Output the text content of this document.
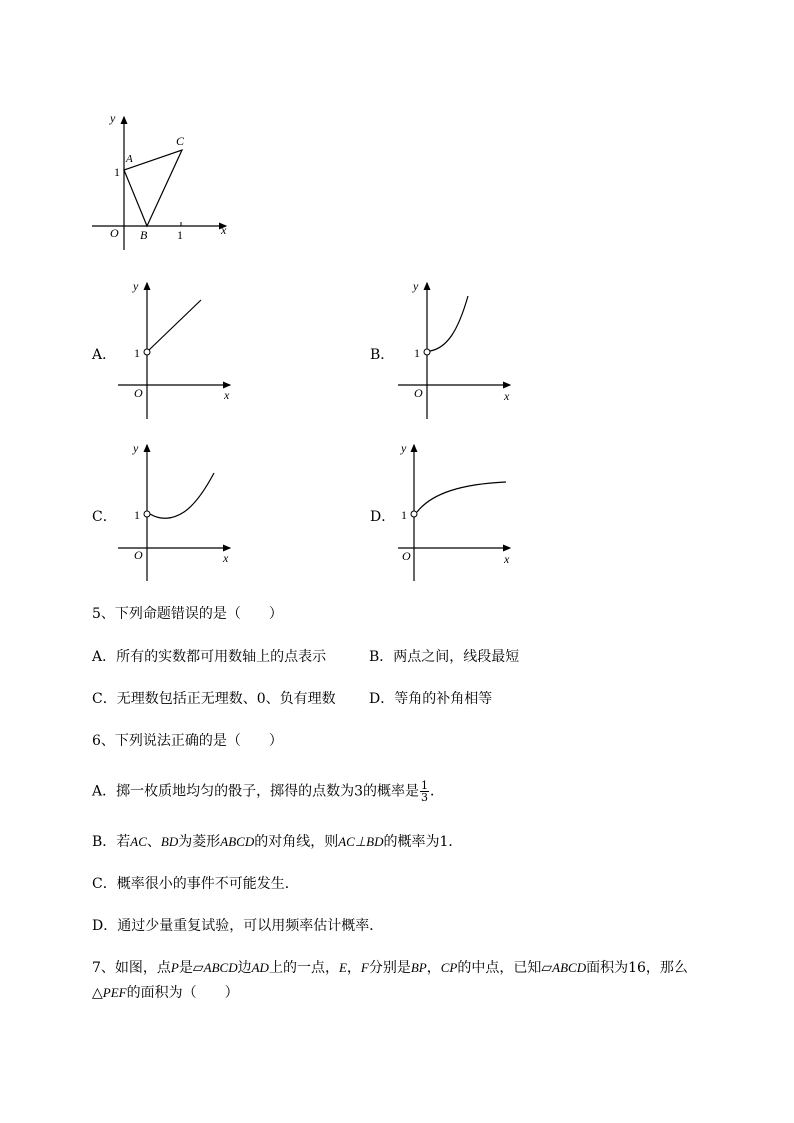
y
x
O
1
1
A
B
C
A．
y
x
O
1	B．
y
x
O
1
C．
y
x
O
1	D．
y
x
O
1
5、下列命题错误的是（　　）
A．所有的实数都可用数轴上的点表示	B．两点之间，线段最短
C．无理数包括正无理数、0、负有理数 D．等角的补角相等
6、下列说法正确的是（　　）
A．掷一枚质地均匀的骰子，掷得的点数为3的概率是 $\frac{1}{3}$ ．
B．若AC、BD为菱形ABCD的对角线，则AC⊥BD的概率为1．
C．概率很小的事件不可能发生．
D．通过少量重复试验，可以用频率估计概率．
7、如图，点P是▱ABCD边AD上的一点，E，F分别是BP，CP的中点，已知▱ABCD面积为16，那么
△PEF的面积为（　　）
